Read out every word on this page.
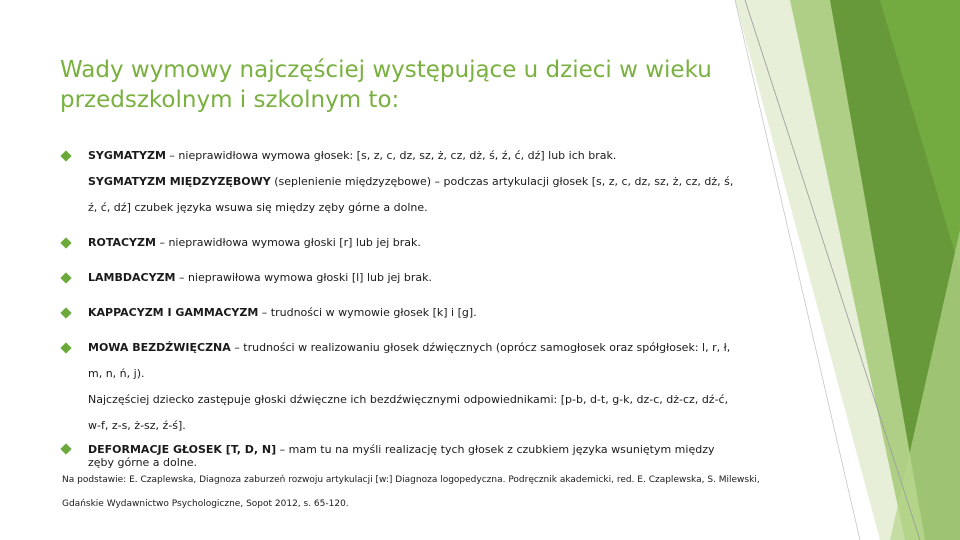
Wady wymowy najczęściej występujące u dzieci w wieku przedszkolnym i szkolnym to:
SYGMATYZM – nieprawidłowa wymowa głosek: [s, z, c, dz, sz, ż, cz, dż, ś, ź, ć, dź] lub ich brak.
SYGMATYZM MIĘDZYZĘBOWY (seplenienie międzyzębowe) – podczas artykulacji głosek [s, z, c, dz, sz, ż, cz, dż, ś, ź, ć, dź] czubek języka wsuwa się między zęby górne a dolne.
ROTACYZM – nieprawidłowa wymowa głoski [r] lub jej brak.
LAMBDACYZM – nieprawiłowa wymowa głoski [l] lub jej brak.
KAPPACYZM I GAMMACYZM – trudności w wymowie głosek [k] i [g].
MOWA BEZDŹWIĘCZNA – trudności w realizowaniu głosek dźwięcznych (oprócz samogłosek oraz spółgłosek: l, r, ł, m, n, ń, j).
Najczęściej dziecko zastępuje głoski dźwięczne ich bezdźwięcznymi odpowiednikami: [p-b, d-t, g-k, dz-c, dż-cz, dź-ć, w-f, z-s, ż-sz, ź-ś].
DEFORMACJE GŁOSEK [T, D, N] – mam tu na myśli realizację tych głosek z czubkiem języka wsuniętym między zęby górne a dolne.
Na podstawie: E. Czaplewska, Diagnoza zaburzeń rozwoju artykulacji [w:] Diagnoza logopedyczna. Podręcznik akademicki, red. E. Czaplewska, S. Milewski, Gdańskie Wydawnictwo Psychologiczne, Sopot 2012, s. 65-120.
